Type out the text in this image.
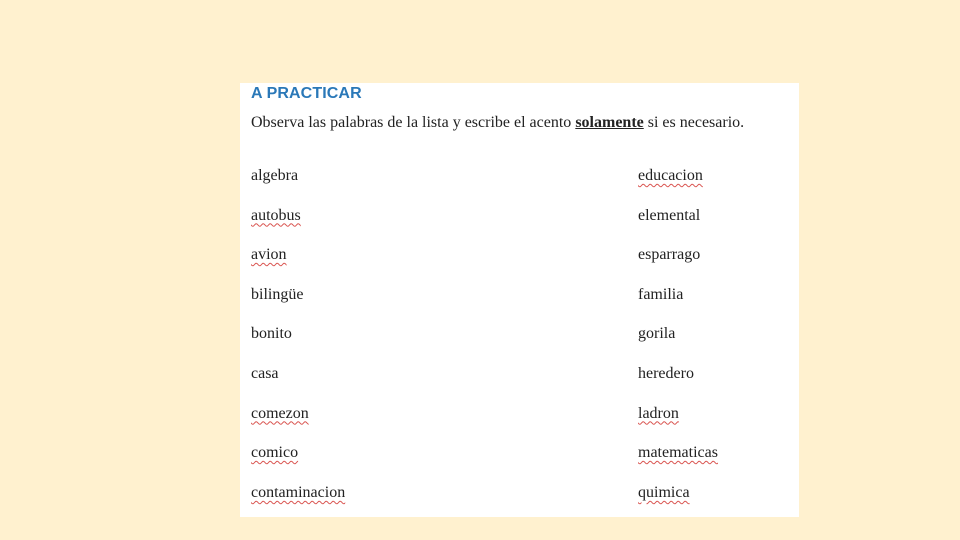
A PRACTICAR
Observa las palabras de la lista y escribe el acento solamente si es necesario.
algebra
autobus
avion
bilingüe
bonito
casa
comezon
comico
contaminacion
educacion
elemental
esparrago
familia
gorila
heredero
ladron
matematicas
quimica
